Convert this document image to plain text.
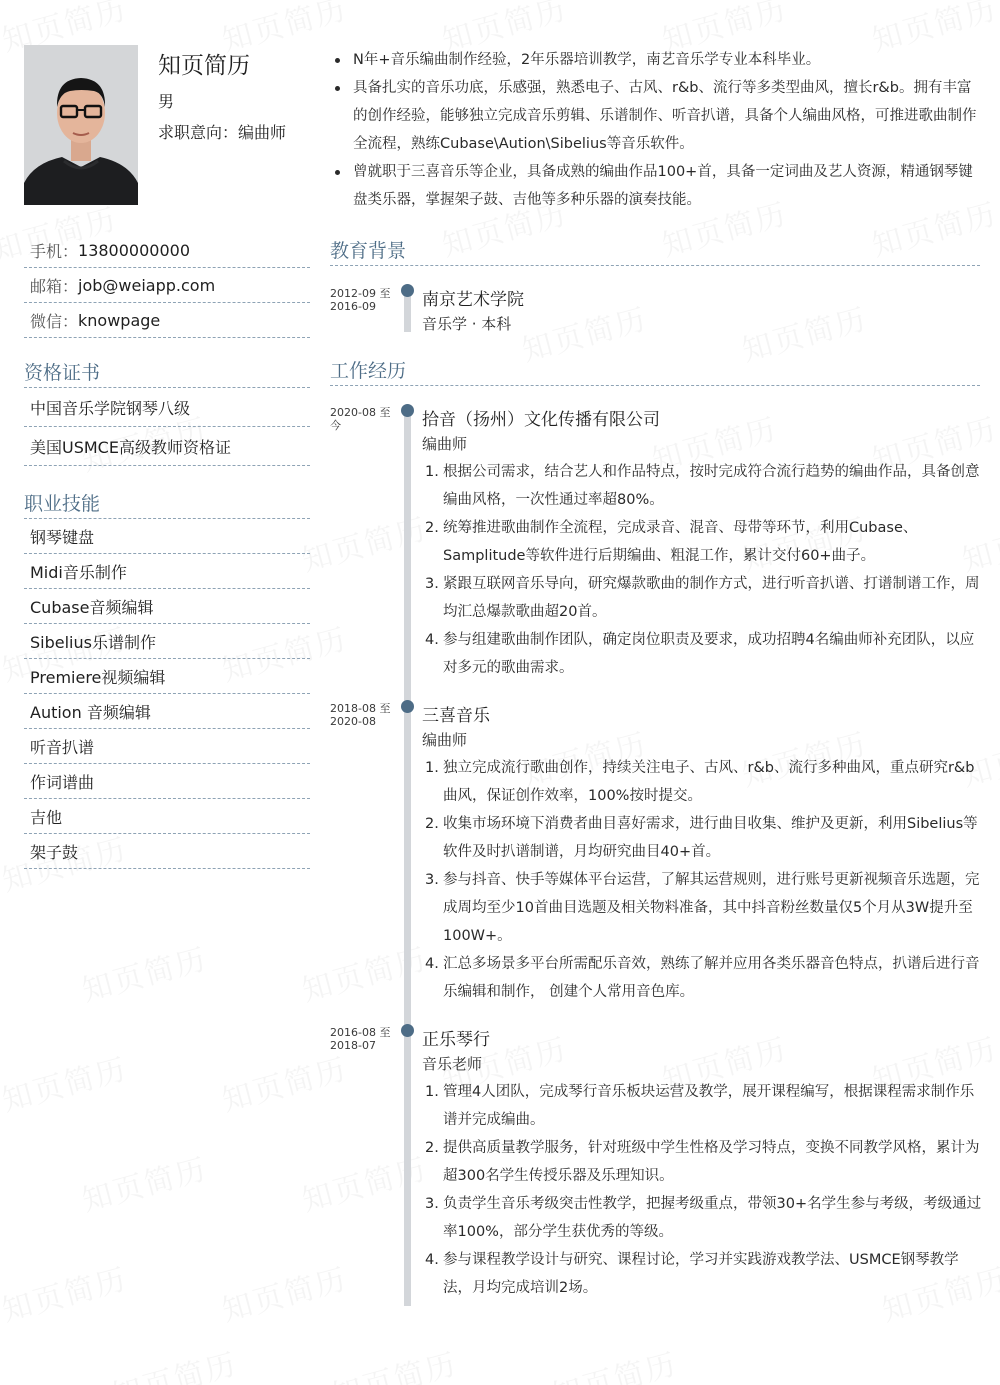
知页简历
男
求职意向：编曲师
手机： 13800000000
邮箱： job@weiapp.com
微信： knowpage
资格证书
中国音乐学院钢琴八级
美国USMCE高级教师资格证
职业技能
钢琴键盘
Midi音乐制作
Cubase音频编辑
Sibelius乐谱制作
Premiere视频编辑
Aution 音频编辑
听音扒谱
作词谱曲
吉他
架子鼓
N年+音乐编曲制作经验，2年乐器培训教学，南艺音乐学专业本科毕业。
具备扎实的音乐功底，乐感强，熟悉电子、古风、r&b、流行等多类型曲风，擅长r&b。拥有丰富的创作经验，能够独立完成音乐剪辑、乐谱制作、听音扒谱，具备个人编曲风格，可推进歌曲制作全流程，熟练Cubase\Aution\Sibelius等音乐软件。
曾就职于三喜音乐等企业，具备成熟的编曲作品100+首，具备一定词曲及艺人资源，精通钢琴键盘类乐器，掌握架子鼓、吉他等多种乐器的演奏技能。
教育背景
2012-09 至
2016-09	南京艺术学院
音乐学 · 本科
工作经历
2020-08 至
今	拾音（扬州）文化传播有限公司
编曲师
1. 根据公司需求，结合艺人和作品特点，按时完成符合流行趋势的编曲作品，具备创意编曲风格，一次性通过率超80%。
2. 统筹推进歌曲制作全流程，完成录音、混音、母带等环节，利用Cubase、Samplitude等软件进行后期编曲、粗混工作，累计交付60+曲子。
3. 紧跟互联网音乐导向，研究爆款歌曲的制作方式，进行听音扒谱、打谱制谱工作，周均汇总爆款歌曲超20首。
4. 参与组建歌曲制作团队，确定岗位职责及要求，成功招聘4名编曲师补充团队，以应对多元的歌曲需求。
2018-08 至
2020-08	三喜音乐
编曲师
1. 独立完成流行歌曲创作，持续关注电子、古风、r&b、流行多种曲风，重点研究r&b曲风，保证创作效率，100%按时提交。
2. 收集市场环境下消费者曲目喜好需求，进行曲目收集、维护及更新，利用Sibelius等软件及时扒谱制谱，月均研究曲目40+首。
3. 参与抖音、快手等媒体平台运营，了解其运营规则，进行账号更新视频音乐选题，完成周均至少10首曲目选题及相关物料准备，其中抖音粉丝数量仅5个月从3W提升至100W+。
4. 汇总多场景多平台所需配乐音效，熟练了解并应用各类乐器音色特点，扒谱后进行音乐编辑和制作， 创建个人常用音色库。
2016-08 至
2018-07	正乐琴行
音乐老师
1. 管理4人团队，完成琴行音乐板块运营及教学，展开课程编写，根据课程需求制作乐谱并完成编曲。
2. 提供高质量教学服务，针对班级中学生性格及学习特点，变换不同教学风格，累计为超300名学生传授乐器及乐理知识。
3. 负责学生音乐考级突击性教学，把握考级重点，带领30+名学生参与考级，考级通过率100%，部分学生获优秀的等级。
4. 参与课程教学设计与研究、课程讨论，学习并实践游戏教学法、USMCE钢琴教学法，月均完成培训2场。
